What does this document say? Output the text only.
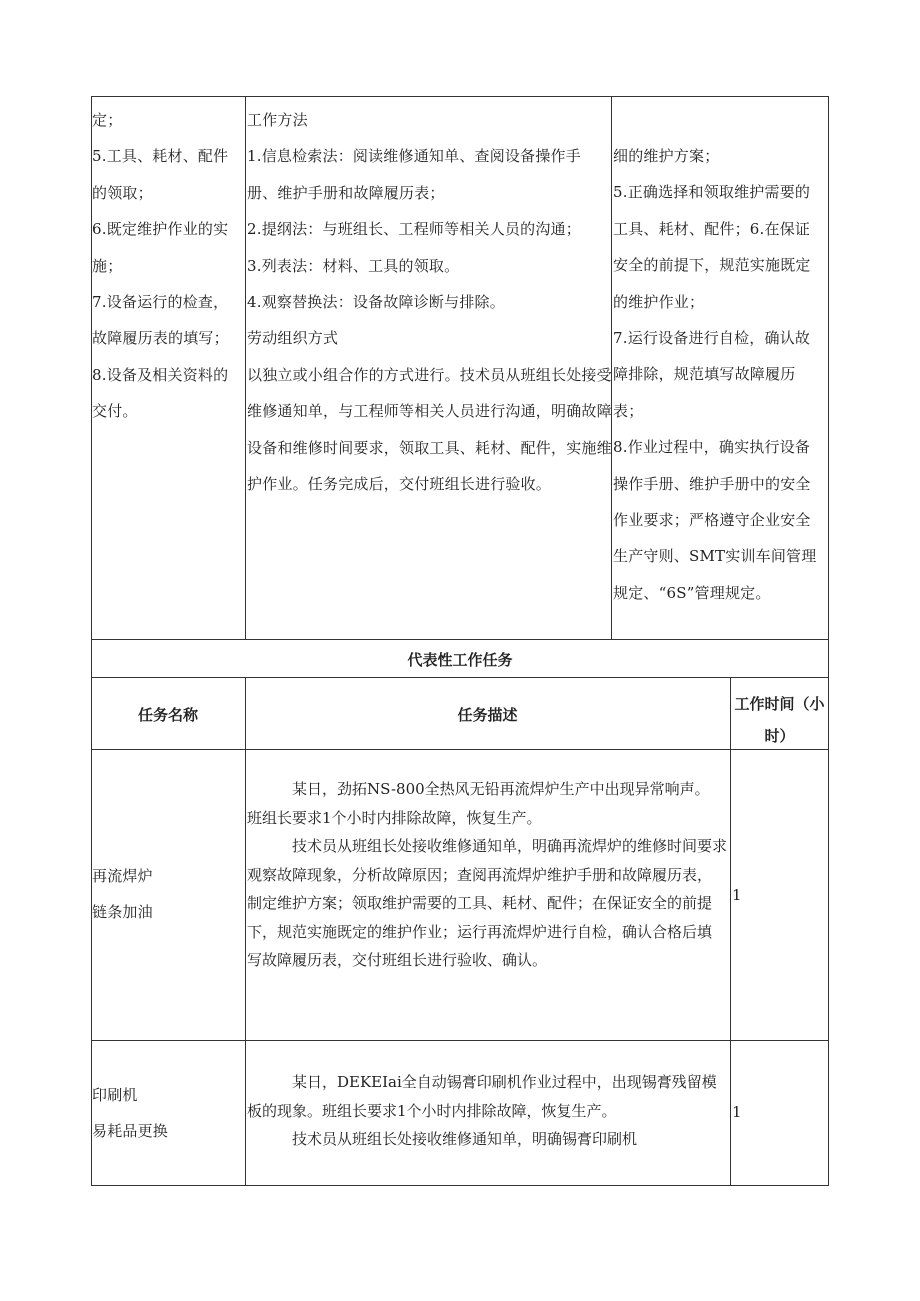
定；

5.工具、耗材、配件

的领取；

6.既定维护作业的实

施；

7.设备运行的检查，

故障履历表的填写；

8.设备及相关资料的

交付。

工作方法

1.信息检索法：阅读维修通知单、查阅设备操作手

册、维护手册和故障履历表；

2.提纲法：与班组长、工程师等相关人员的沟通；

3.列表法：材料、工具的领取。

4.观察替换法：设备故障诊断与排除。

劳动组织方式

以独立或小组合作的方式进行。技术员从班组长处接受

维修通知单，与工程师等相关人员进行沟通，明确故障

设备和维修时间要求，领取工具、耗材、配件，实施维

护作业。任务完成后，交付班组长进行验收。

细的维护方案；

5.正确选择和领取维护需要的

工具、耗材、配件；6.在保证

安全的前提下，规范实施既定

的维护作业；

7.运行设备进行自检，确认故

障排除，规范填写故障履历

表；

8.作业过程中，确实执行设备

操作手册、维护手册中的安全

作业要求；严格遵守企业安全

生产守则、SMT实训车间管理

规定、“6S”管理规定。

代表性工作任务
任务名称	任务描述
工作时间（小
时）

再流焊炉

链条加油

某日，劲拓NS-800全热风无铅再流焊炉生产中出现异常响声。

班组长要求1个小时内排除故障，恢复生产。

技术员从班组长处接收维修通知单，明确再流焊炉的维修时间要求

观察故障现象，分析故障原因；查阅再流焊炉维护手册和故障履历表，

制定维护方案；领取维护需要的工具、耗材、配件；在保证安全的前提

下，规范实施既定的维护作业；运行再流焊炉进行自检，确认合格后填

写故障履历表，交付班组长进行验收、确认。

1

印刷机

易耗品更换

某日，DEKEIai全自动锡膏印刷机作业过程中，出现锡膏残留模

板的现象。班组长要求1个小时内排除故障，恢复生产。

技术员从班组长处接收维修通知单，明确锡膏印刷机

1
